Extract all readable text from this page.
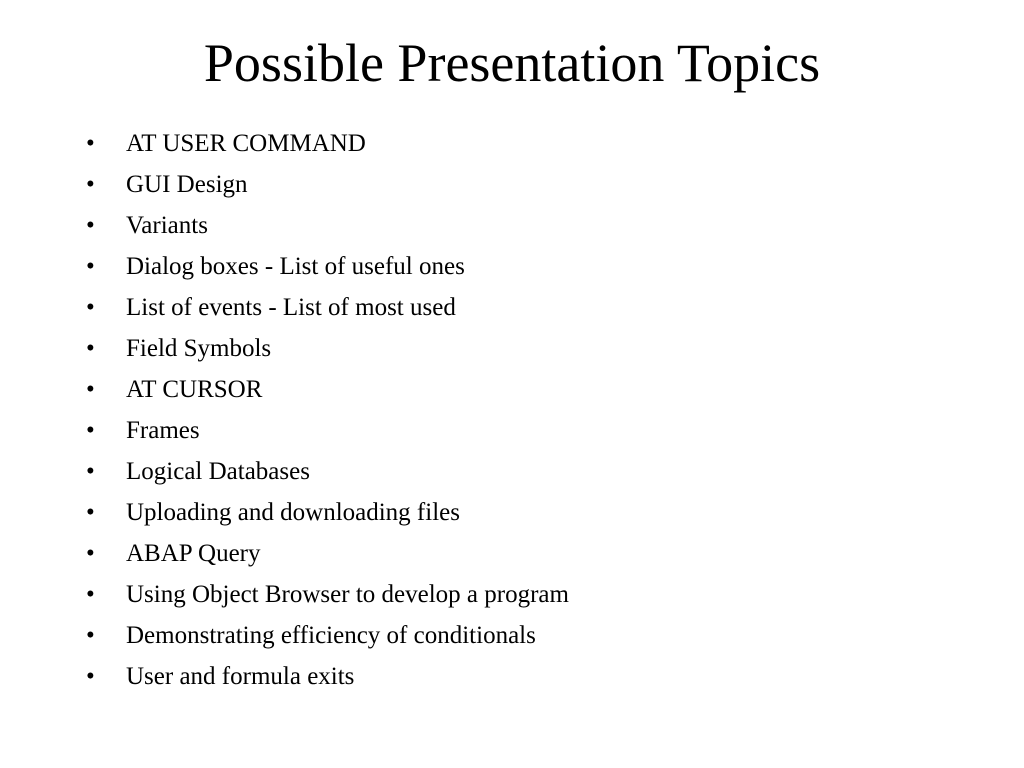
Possible Presentation Topics
•	AT USER COMMAND
•	GUI Design
•	Variants
•	Dialog boxes - List of useful ones
•	List of events - List of most used
•	Field Symbols
•	AT CURSOR
•	Frames
•	Logical Databases
•	Uploading and downloading files
•	ABAP Query
•	Using Object Browser to develop a program
•	Demonstrating efficiency of conditionals
•	User and formula exits
